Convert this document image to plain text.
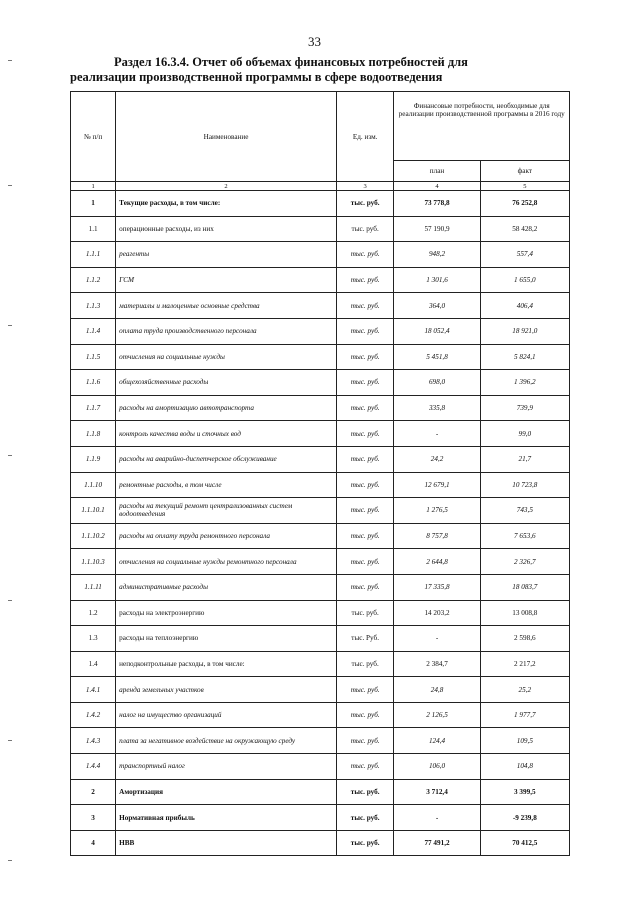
33
Раздел 16.3.4. Отчет об объемах финансовых потребностей для
реализации производственной программы в сфере водоотведения
№ п/п	Наименование	Ед. изм.	Финансовые потребности, необходимые для реализации производственной программы в 2016 году	
			план	факт
1	2	3	4	5
1	Текущие расходы, в том числе:	тыс. руб.	73 778,8	76 252,8
1.1	операционные расходы, из них	тыс. руб.	57 190,9	58 428,2
1.1.1	реагенты	тыс. руб.	948,2	557,4
1.1.2	ГСМ	тыс. руб.	1 301,6	1 655,0
1.1.3	материалы и малоценные основные средства	тыс. руб.	364,0	406,4
1.1.4	оплата труда производственного персонала	тыс. руб.	18 052,4	18 921,0
1.1.5	отчисления на социальные нужды	тыс. руб.	5 451,8	5 824,1
1.1.6	общехозяйственные расходы	тыс. руб.	698,0	1 396,2
1.1.7	расходы на амортизацию автотранспорта	тыс. руб.	335,8	739,9
1.1.8	контроль качества воды и сточных вод	тыс. руб.	-	99,0
1.1.9	расходы на аварийно-диспетчерское обслуживание	тыс. руб.	24,2	21,7
1.1.10	ремонтные расходы, в том числе	тыс. руб.	12 679,1	10 723,8
1.1.10.1	расходы на текущий ремонт централизованных систем водоотведения	тыс. руб.	1 276,5	743,5
1.1.10.2	расходы на оплату труда ремонтного персонала	тыс. руб.	8 757,8	7 653,6
1.1.10.3	отчисления на социальные нужды ремонтного персонала	тыс. руб.	2 644,8	2 326,7
1.1.11	административные расходы	тыс. руб.	17 335,8	18 083,7
1.2	расходы на электроэнергию	тыс. руб.	14 203,2	13 008,8
1.3	расходы на теплоэнергию	тыс. Руб.	-	2 598,6
1.4	неподконтрольные расходы, в том числе:	тыс. руб.	2 384,7	2 217,2
1.4.1	аренда земельных участков	тыс. руб.	24,8	25,2
1.4.2	налог на имущество организаций	тыс. руб.	2 126,5	1 977,7
1.4.3	плата за негативное воздействие на окружающую среду	тыс. руб.	124,4	109,5
1.4.4	транспортный налог	тыс. руб.	106,0	104,8
2	Амортизация	тыс. руб.	3 712,4	3 399,5
3	Нормативная прибыль	тыс. руб.	-	-9 239,8
4	НВВ	тыс. руб.	77 491,2	70 412,5
